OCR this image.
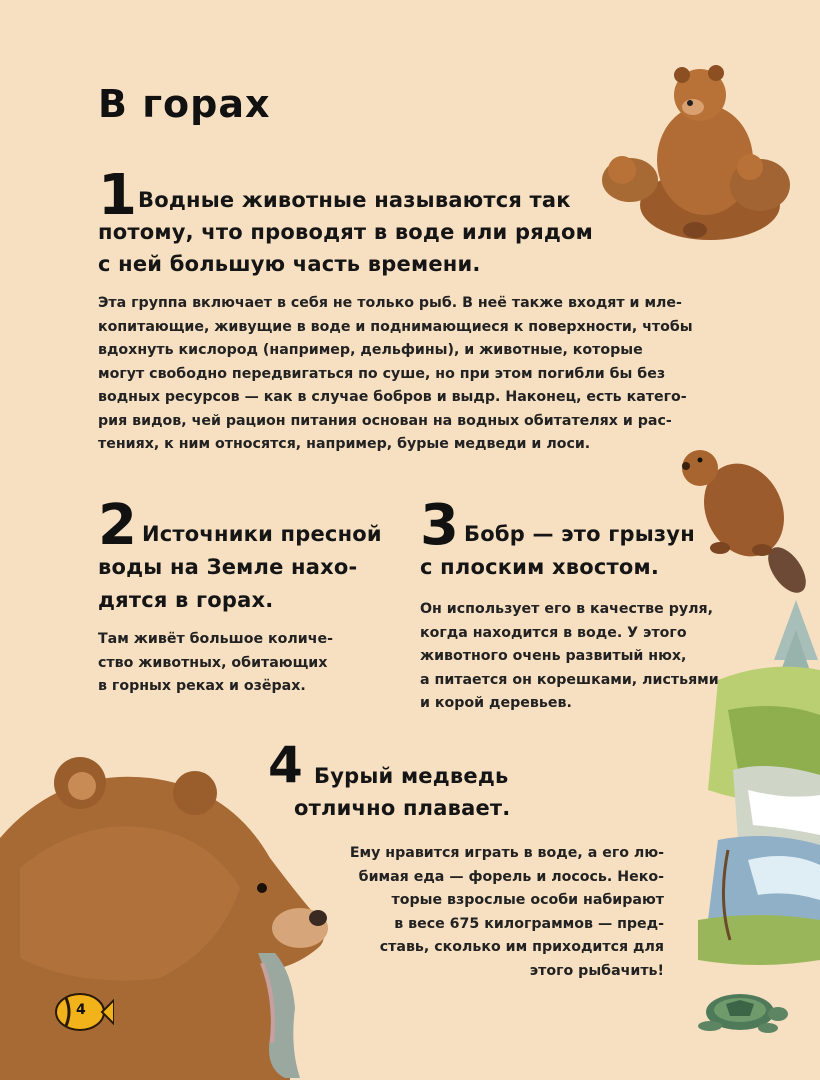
В горах
1 Водные животные называются так
потому, что проводят в воде или рядом
с ней большую часть времени.
Эта группа включает в себя не только рыб. В неё также входят и мле-
копитающие, живущие в воде и поднимающиеся к поверхности, чтобы
вдохнуть кислород (например, дельфины), и животные, которые
могут свободно передвигаться по суше, но при этом погибли бы без
водных ресурсов — как в случае бобров и выдр. Наконец, есть катего-
рия видов, чей рацион питания основан на водных обитателях и рас-
тениях, к ним относятся, например, бурые медведи и лоси.
2 Источники пресной
воды на Земле нахо-
дятся в горах.
Там живёт большое количе-
ство животных, обитающих
в горных реках и озёрах.
3 Бобр — это грызун
с плоским хвостом.
Он использует его в качестве руля,
когда находится в воде. У этого
животного очень развитый нюх,
а питается он корешками, листьями
и корой деревьев.
4 Бурый медведь
отлично плавает.
Ему нравится играть в воде, а его лю-
бимая еда — форель и лосось. Неко-
торые взрослые особи набирают
в весе 675 килограммов — пред-
ставь, сколько им приходится для
этого рыбачить!
4
